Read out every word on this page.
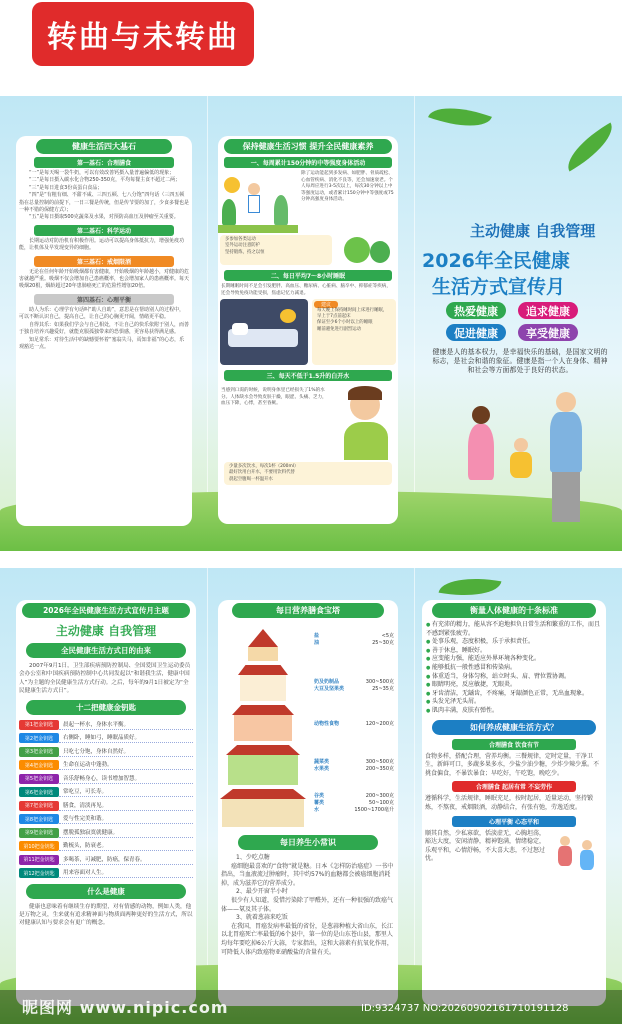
转曲与未转曲
健康生活四大基石
第一基石：合理膳食

“一”是每天喝一袋牛奶，可以有效改善钙摄入量普遍偏低的现象；

“二”是每日摄入碳水化合物250-350克，平均每餐主食不超过二两；

“三”是每日进食3份高蛋白食品；

“四”是“有粗有细、不甜不咸、三四五顿、七八分饱”四句话（三四五顿指在总量控制的前提下，一日三餐是传统，但是传节要的加了，少食多餐也是一种不错的保健方式）；

“五”是每日摄取500克蔬菜及水果，对预防高血压及肿瘤至关重要。

第二基石：科学运动

长期运动对防治机有积极作用。运动可以提高身体抵抗力，增强免疫功能，让机体及早发现变异的细胞。

第三基石：戒烟限酒

无论在任何年龄开始吸烟都有害健康，开始吸烟的年龄越小，对健康的危害就越严重。吸烟不仅会增加自己患癌概率，也会增加家人的患癌概率。每天吸烟20根，烟龄超过20年患肺癌死亡的危险性增加20倍。

第四基石：心理平衡

助人为乐：心理学有句话叫“助人自助”，意思是在帮助别人的过程中，可以不断认识自己，提高自己，让自己的心胸更开阔，情绪更平稳。

自得其乐：如果我们学会与自己相处，不让自己的快乐依附于别人，而善于独自培养兴趣爱好，就能克服孤独带来的恐惧感，更容易获得满足感。

知足常乐：对待生活中的缺憾要怀着“塞翁失马，焉知非福”的心态，乐观豁达一点。

保持健康生活习惯 提升全民健康素养
一、每周累计150分钟的中等强度身体活动

除了运动能起到多发病、如肥胖、骨质疏松、心血管疾病、消化不良等，还会加速衰老。个人每周应进行3-5次以上，每次30分钟以上中等强度运动，或者累计150分钟中等强度或75分钟高强度身体活动。

多参加各类运动

室外运动注意防护

坚持锻炼，持之以恒

二、每日平均7～8小时睡眠

长期睡眠时间不足会引发肥胖、高血压、糖尿病、心脏病、脑卒中、抑郁症等疾病，还会导致免疫功能受损，焦虑记忆力减退。

建议

每天晚上保持睡时间上床进行睡眠，早上于7点前起床

保证至少6个小时以上的睡眠

睡前避免进行剧烈运动

三、每天不低于1.5升的白开水

当感到口渴的时候，说明身体里已经损失了1%的水分。人体缺水会导致皮肤干燥，眼涩、头痛、乏力，血压下降，心悸，甚至昏厥。

少量多次饮水，每次1杯（200ml）

最好饮用白开水，不要用饮料代替

晨起空腹喝一杯温开水

主动健康 自我管理
2026年全民健康
生活方式宣传月
热爱健康	追求健康
促进健康	享受健康
健康是人的基本权力，是幸福快乐的基础，是国家文明的标志，是社会和谐的象征。健康是指一个人在身体、精神和社会等方面都处于良好的状态。
2026年全民健康生活方式宣传月主题
主动健康 自我管理
全民健康生活方式日的由来

2007年9月1日，卫生部疾病预防控制局、全国爱国卫生运动委员会办公室和中国疾病预防控制中心共同发起以“和谐我生活，健康中国人”为主题的全民健康生活方式行动。之后，每年的9月1日被定为“全民健康生活方式日”。

十二把健康金钥匙
第1把金钥匙	晨起一杯水，身体水平衡。
第2把金钥匙	右侧卧，睡如弓，睡眠品质好。
第3把金钥匙	只吃七分饱，身体自然好。
第4把金钥匙	生命在运动中蓬勃。
第5把金钥匙	音乐舒畅身心，读书增加智慧。
第6把金钥匙	常吃豆，可长寿。
第7把金钥匙	膳食，清淡再见。
第8把金钥匙	爱与性完美和谐。
第9把金钥匙	摆脱孤独寂寞就健康。
第10把金钥匙	勤梳头，防衰老。
第11把金钥匙	多喝茶，可减肥，防癌，保青春。
第12把金钥匙	用来容面对人生。
什么是健康

健康也意味着有继续生存的期望，对有情感的动物，例如人类，他是万物之灵，生来就有追求精神面与物质面两种更好的生活方式，所以对健康认知与要求会有更广的概念。

每日营养膳食宝塔
盐	<5克
油	25~30克
奶及奶制品	300~500克
大豆及坚果类	25~35克
动物性食物	120~200克
蔬菜类	300~500克
水果类	200~350克
谷类	200~300克
薯类	50~100克
水	1500~1700毫升
每日养生小常识

1、少吃点糖

癌细胞最喜欢的“食物”就是糖。日本《怎样防治癌症》一书中指出，当血液流过肿瘤时，其中约57%的血糖都会被癌细胞消耗掉，成为滋养它的营养成分。

2、最少开窗半小时

很少有人知道，爱惜污染除了甲醛外，还有一种很强的致癌气体——氡及其子体。

3、就着葱蒜来吃饭

在我国，胃癌发病率最低的省份，是葱蒜种植大省山东，长江以北胃癌死亡率最低的6个县中，第一位的是山东苍山县，那里人均每年要吃掉6公斤大蒜，专家指出，这和大蒜素有抗氧化作用，可降低人体内致癌物亚硝酸盐的含量有关。

衡量人体健康的十条标准

● 有充沛的精力，能从容不迫地担负日常生活和繁重的工作，而且不感到紧张疲劳。

● 处事乐观，态度积极，乐于承担责任。

● 善于休息，睡眠好。

● 应变能力强，能适应外界环境各种变化。

● 能够抵抗一般性感冒和传染病。

● 体重适当，身体匀称，站立时头、肩、臂位置协调。

● 眼睛明亮，反应敏捷，无眼炎。

● 牙齿清洁，无龋齿，不疼痛，牙龈颜色正常，无出血现象。

● 头发光泽无头屑。

● 肌肉丰满，皮肤有弹性。

如何养成健康生活方式？
合理膳食 饮食有节

食物多样，搭配合理，营养均衡。三餐规律，定时定量，干净卫生，新鲜可口，多蔬多果多水，少盐少油少糖，少炸少辣少熏。不挑食偏食，不暴饮暴食；早吃好，午吃饱，晚吃少。

合理膳食 起居有常 不妄劳作

遵循科学，生活规律，睡眠充足，按时起居，适量运动，坚持锻炼，不熬夜，戒烟限酒，动静结合，有张有弛，劳逸适度。

心理平衡 心态平和

顺其自然，少私寡欲，恬淡虚无，心胸坦荡，豁达大度，安闲清静，精神饱满，情绪稳定，乐观平和，心情舒畅，不大喜大悲，不过怒过忧。

昵图网 www.nipic.com	ID:9324737 NO:20260902161710191128
